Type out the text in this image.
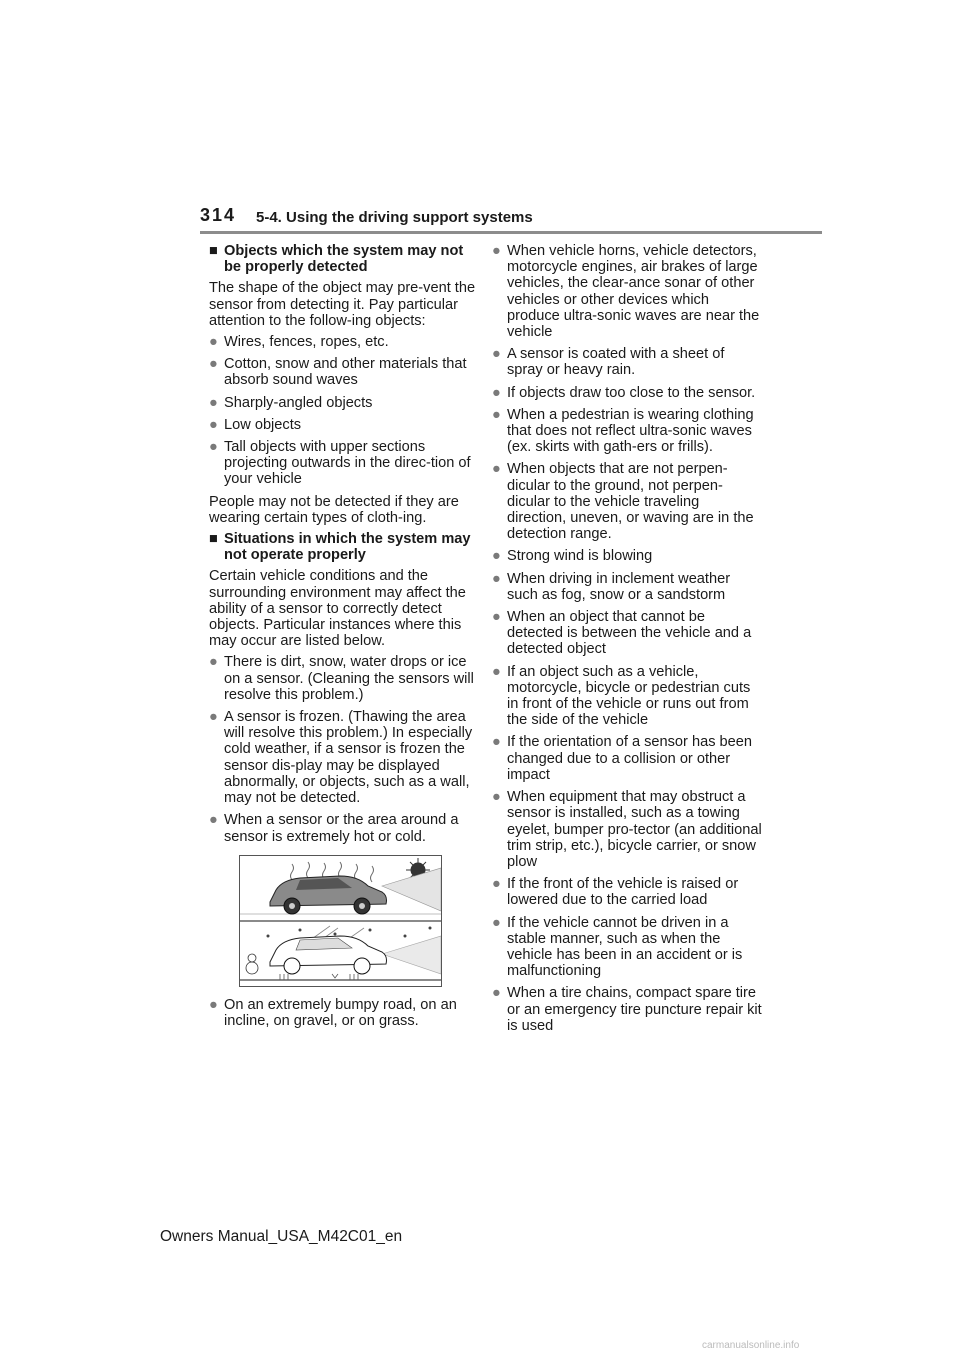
314 5-4. Using the driving support systems
■ Objects which the system may not be properly detected
The shape of the object may pre-vent the sensor from detecting it. Pay particular attention to the follow-ing objects:
● Wires, fences, ropes, etc.
● Cotton, snow and other materials that absorb sound waves
● Sharply-angled objects
● Low objects
● Tall objects with upper sections projecting outwards in the direc-tion of your vehicle
People may not be detected if they are wearing certain types of cloth-ing.
■ Situations in which the system may not operate properly
Certain vehicle conditions and the surrounding environment may affect the ability of a sensor to correctly detect objects. Particular instances where this may occur are listed below.
● There is dirt, snow, water drops or ice on a sensor. (Cleaning the sensors will resolve this problem.)
● A sensor is frozen. (Thawing the area will resolve this problem.) In especially cold weather, if a sensor is frozen the sensor dis-play may be displayed abnormally, or objects, such as a wall, may not be detected.
● When a sensor or the area around a sensor is extremely hot or cold.
● On an extremely bumpy road, on an incline, on gravel, or on grass.
● When vehicle horns, vehicle detectors, motorcycle engines, air brakes of large vehicles, the clear-ance sonar of other vehicles or other devices which produce ultra-sonic waves are near the vehicle
● A sensor is coated with a sheet of spray or heavy rain.
● If objects draw too close to the sensor.
● When a pedestrian is wearing clothing that does not reflect ultra-sonic waves (ex. skirts with gath-ers or frills).
● When objects that are not perpen-dicular to the ground, not perpen-dicular to the vehicle traveling direction, uneven, or waving are in the detection range.
● Strong wind is blowing
● When driving in inclement weather such as fog, snow or a sandstorm
● When an object that cannot be detected is between the vehicle and a detected object
● If an object such as a vehicle, motorcycle, bicycle or pedestrian cuts in front of the vehicle or runs out from the side of the vehicle
● If the orientation of a sensor has been changed due to a collision or other impact
● When equipment that may obstruct a sensor is installed, such as a towing eyelet, bumper pro-tector (an additional trim strip, etc.), bicycle carrier, or snow plow
● If the front of the vehicle is raised or lowered due to the carried load
● If the vehicle cannot be driven in a stable manner, such as when the vehicle has been in an accident or is malfunctioning
● When a tire chains, compact spare tire or an emergency tire puncture repair kit is used
Owners Manual_USA_M42C01_en
carmanualsonline.info
